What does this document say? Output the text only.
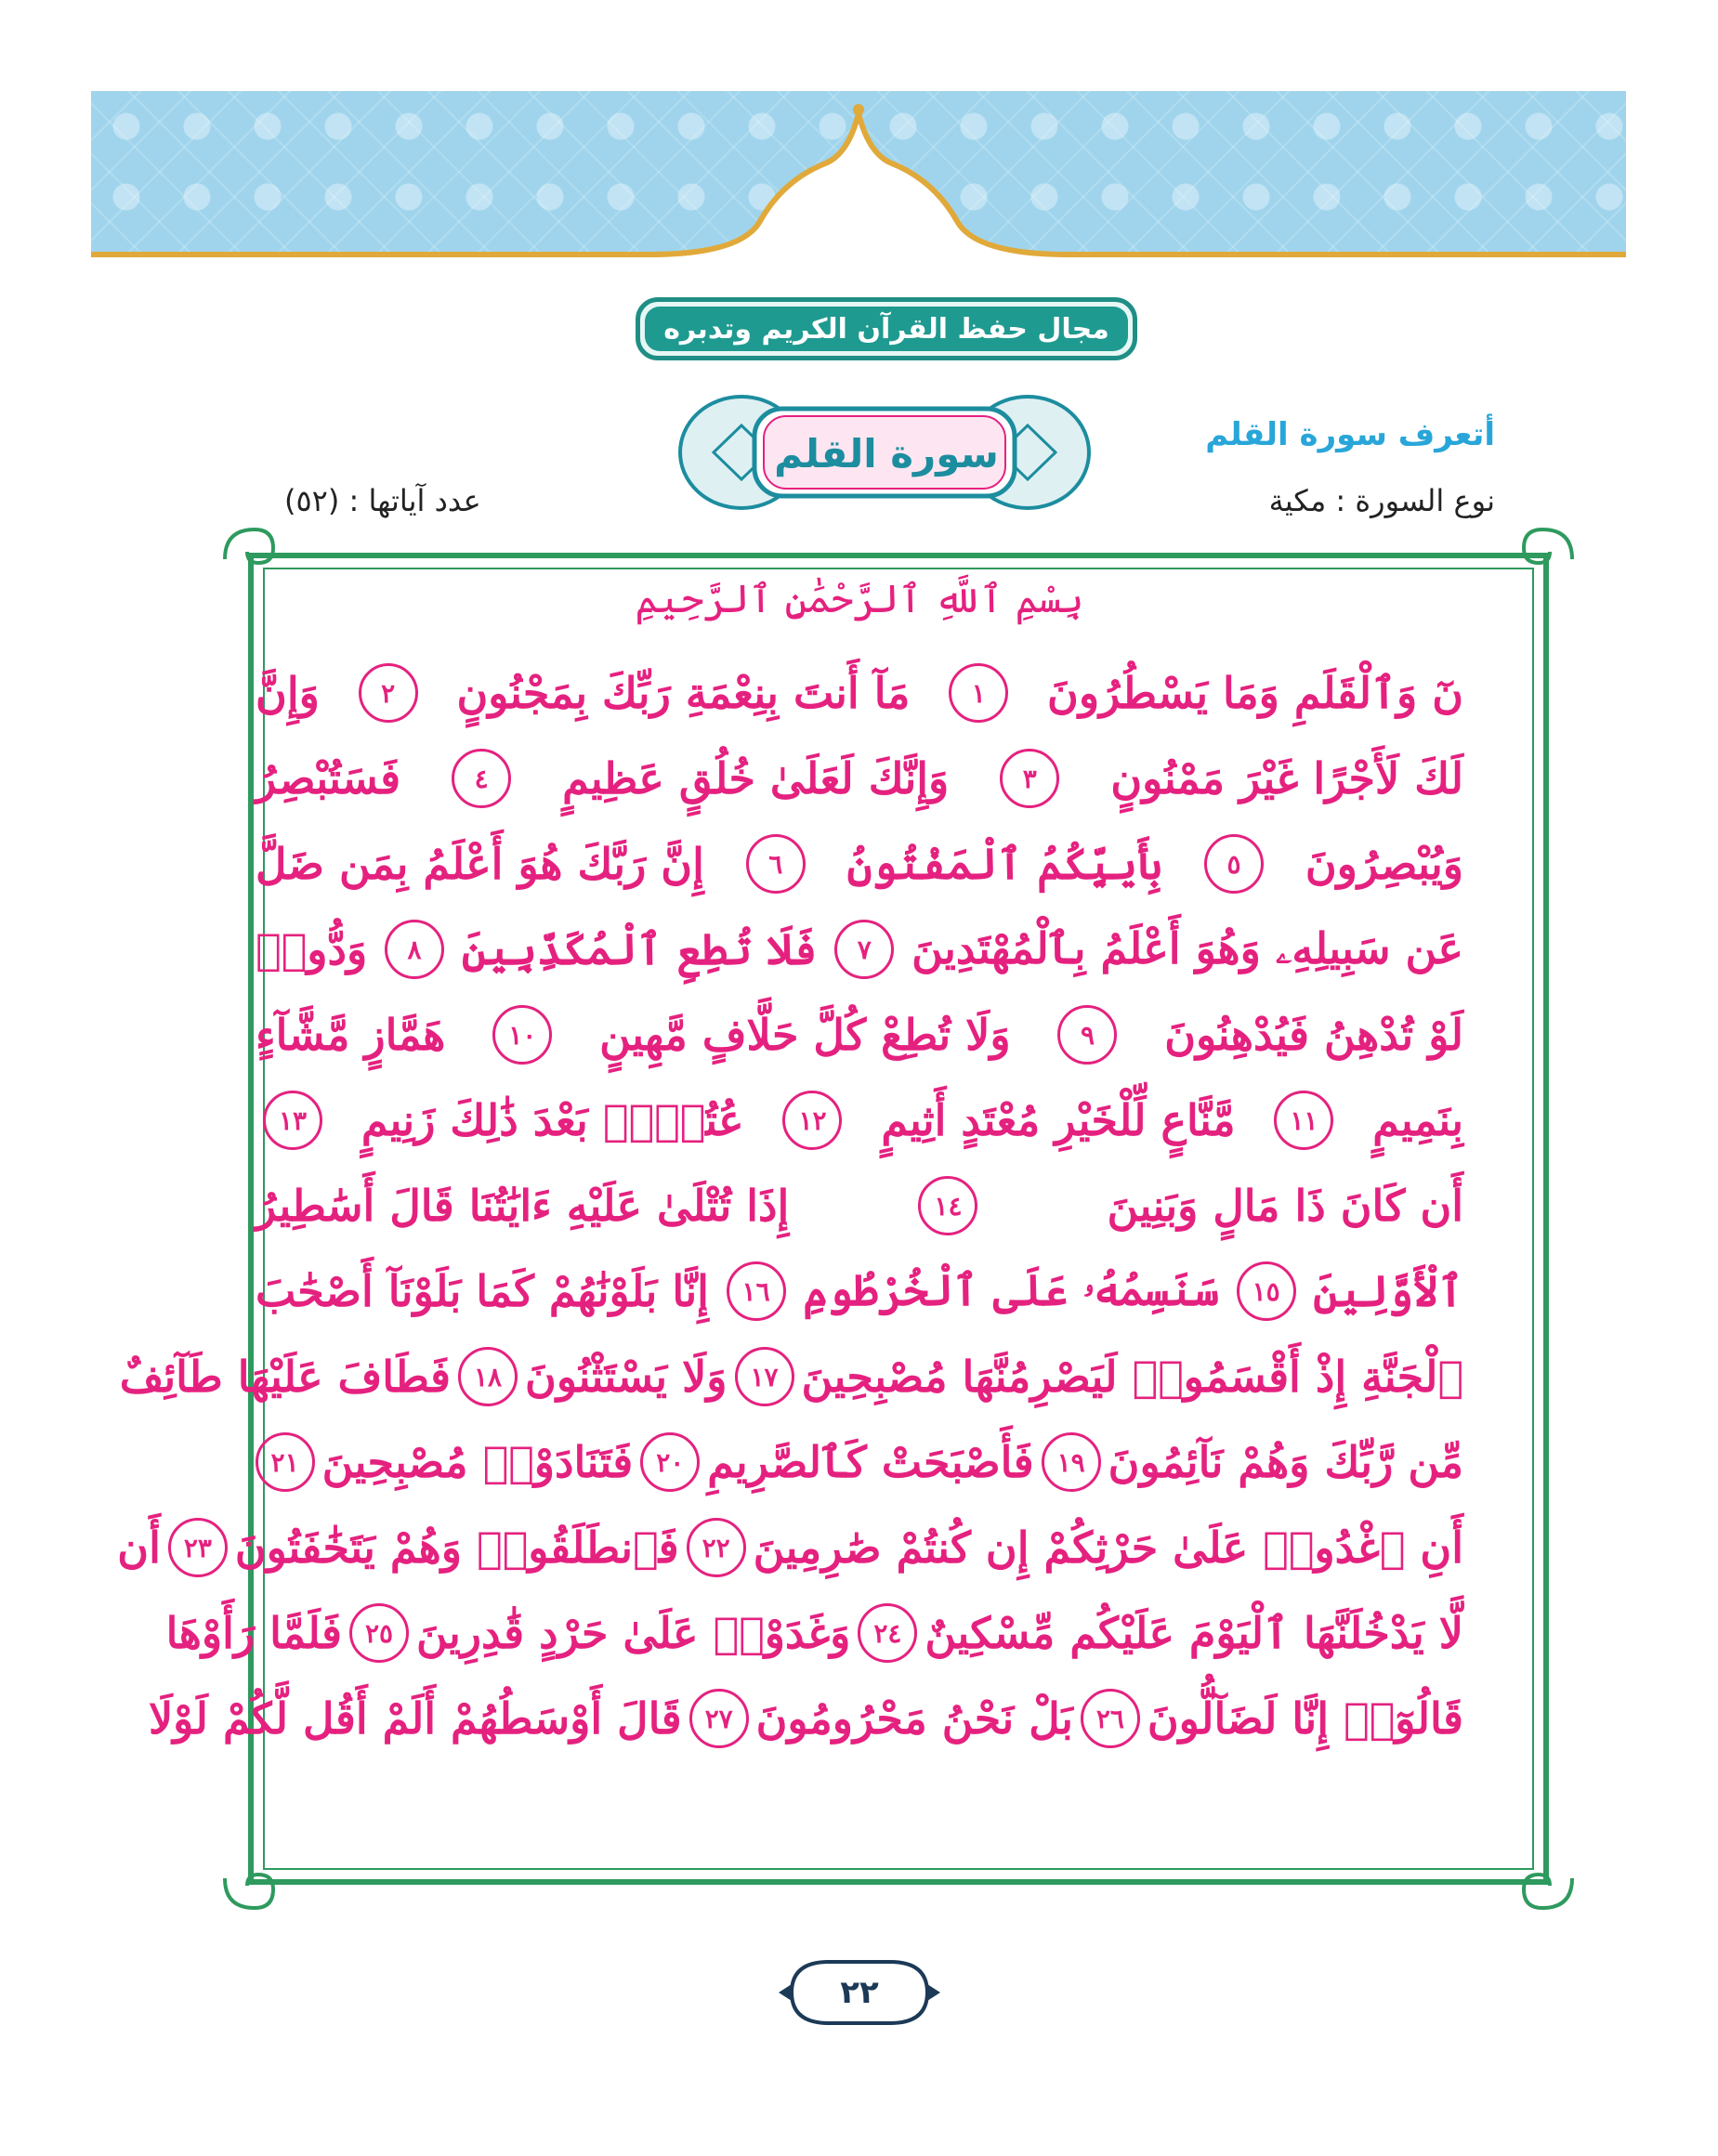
مجال حفظ القرآن الكريم وتدبره
سورة القلم	أتعرف سورة القلم
نوع السورة : مكية
عدد آياتها : (٥٢)
بِسْمِ ٱللَّهِ ٱلرَّحْمَٰنِ ٱلرَّحِيمِ
نٓ وَٱلْقَلَمِ وَمَا يَسْطُرُونَ
١
مَآ أَنتَ بِنِعْمَةِ رَبِّكَ بِمَجْنُونٍ
٢
وَإِنَّ
لَكَ لَأَجْرًا غَيْرَ مَمْنُونٍ
٣
وَإِنَّكَ لَعَلَىٰ خُلُقٍ عَظِيمٍ
٤
فَسَتُبْصِرُ
وَيُبْصِرُونَ
٥
بِأَييِّكُمُ ٱلْمَفْتُونُ
٦
إِنَّ رَبَّكَ هُوَ أَعْلَمُ بِمَن ضَلَّ
عَن سَبِيلِهِۦ وَهُوَ أَعْلَمُ بِٱلْمُهْتَدِينَ
٧
فَلَا تُطِعِ ٱلْمُكَذِّبِينَ
٨
وَدُّوا۟
لَوْ تُدْهِنُ فَيُدْهِنُونَ
٩
وَلَا تُطِعْ كُلَّ حَلَّافٍ مَّهِينٍ
١٠
هَمَّازٍ مَّشَّآءٍ
بِنَمِيمٍ
١١
مَّنَّاعٍ لِّلْخَيْرِ مُعْتَدٍ أَثِيمٍ
١٢
عُتُلٍّۭ بَعْدَ ذَٰلِكَ زَنِيمٍ
١٣
أَن كَانَ ذَا مَالٍ وَبَنِينَ
١٤
إِذَا تُتْلَىٰ عَلَيْهِ ءَايَٰتُنَا قَالَ أَسَٰطِيرُ
ٱلْأَوَّلِينَ
١٥
سَنَسِمُهُۥ عَلَى ٱلْخُرْطُومِ
١٦
إِنَّا بَلَوْنَٰهُمْ كَمَا بَلَوْنَآ أَصْحَٰبَ
ٱلْجَنَّةِ إِذْ أَقْسَمُوا۟ لَيَصْرِمُنَّهَا مُصْبِحِينَ
١٧
وَلَا يَسْتَثْنُونَ
١٨
فَطَافَ عَلَيْهَا طَآئِفٌ
مِّن رَّبِّكَ وَهُمْ نَآئِمُونَ
١٩
فَأَصْبَحَتْ كَٱلصَّرِيمِ
٢٠
فَتَنَادَوْا۟ مُصْبِحِينَ
٢١
أَنِ ٱغْدُوا۟ عَلَىٰ حَرْثِكُمْ إِن كُنتُمْ صَٰرِمِينَ
٢٢
فَٱنطَلَقُوا۟ وَهُمْ يَتَخَٰفَتُونَ
٢٣
أَن
لَّا يَدْخُلَنَّهَا ٱلْيَوْمَ عَلَيْكُم مِّسْكِينٌ
٢٤
وَغَدَوْا۟ عَلَىٰ حَرْدٍ قَٰدِرِينَ
٢٥
فَلَمَّا رَأَوْهَا
قَالُوٓا۟ إِنَّا لَضَآلُّونَ
٢٦
بَلْ نَحْنُ مَحْرُومُونَ
٢٧
قَالَ أَوْسَطُهُمْ أَلَمْ أَقُل لَّكُمْ لَوْلَا
٢٢
